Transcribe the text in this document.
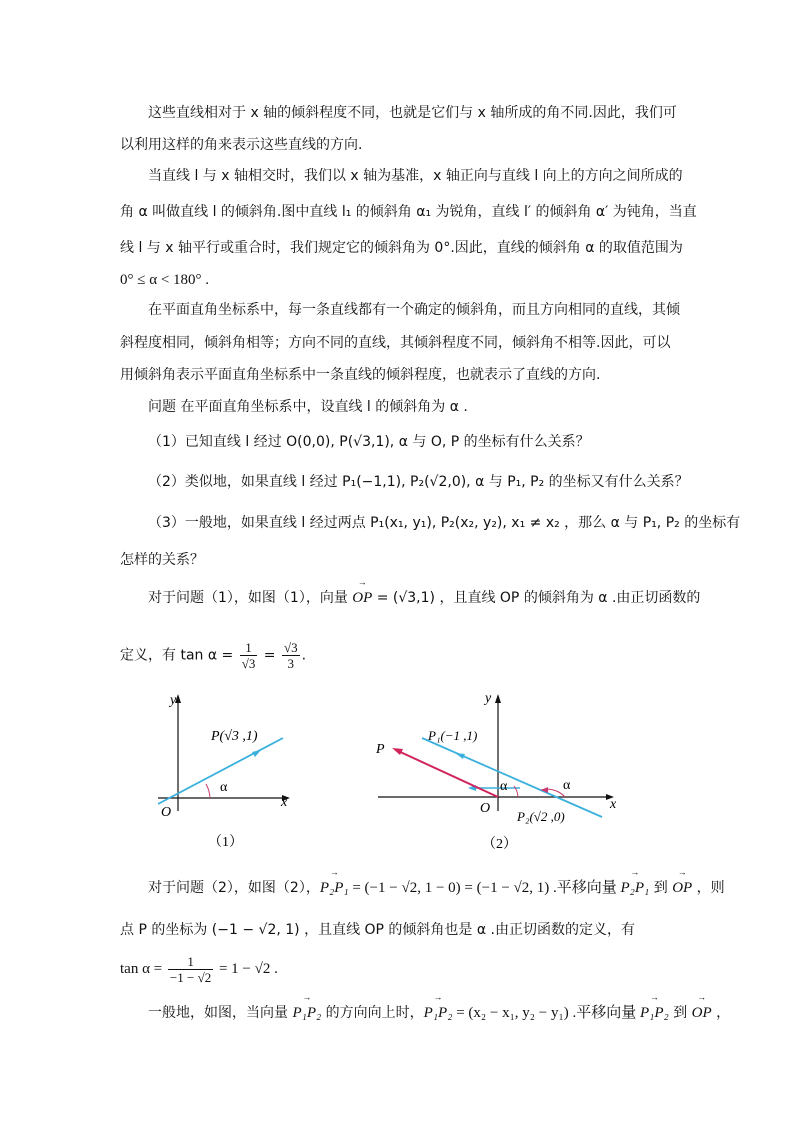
这些直线相对于 x 轴的倾斜程度不同，也就是它们与 x 轴所成的角不同.因此，我们可
以利用这样的角来表示这些直线的方向.
当直线 l 与 x 轴相交时，我们以 x 轴为基准，x 轴正向与直线 l 向上的方向之间所成的
角 α 叫做直线 l 的倾斜角.图中直线 l₁ 的倾斜角 α₁ 为锐角，直线 l′ 的倾斜角 α′ 为钝角，当直
线 l 与 x 轴平行或重合时，我们规定它的倾斜角为 0°.因此，直线的倾斜角 α 的取值范围为
0° ≤ α < 180° .
在平面直角坐标系中，每一条直线都有一个确定的倾斜角，而且方向相同的直线，其倾
斜程度相同，倾斜角相等；方向不同的直线，其倾斜程度不同，倾斜角不相等.因此，可以
用倾斜角表示平面直角坐标系中一条直线的倾斜程度，也就表示了直线的方向.
问题 在平面直角坐标系中，设直线 l 的倾斜角为 α .
（1）已知直线 l 经过 O(0,0), P(√3,1), α 与 O, P 的坐标有什么关系？
（2）类似地，如果直线 l 经过 P₁(−1,1), P₂(√2,0), α 与 P₁, P₂ 的坐标又有什么关系？
（3）一般地，如果直线 l 经过两点 P₁(x₁, y₁), P₂(x₂, y₂), x₁ ≠ x₂ ，那么 α 与 P₁, P₂ 的坐标有
怎样的关系？
对于问题（1），如图（1），向量 → OP = (√3,1) ，且直线 OP 的倾斜角为 α .由正切函数的
定义，有 $\tan \alpha = \frac{1}{√3} = \frac{√3}{3}$ .
x
y
O
α
P(√3 ,1)
（1）
x
y
O
P
P₁(−1 ,1)
P₂(√2 ,0)
α	α
（2）
对于问题（2），如图（2），→ P₂P₁ = (−1 − √2, 1 − 0) = (−1 − √2, 1) .平移向量 → P₂P₁ 到 → OP ，则
点 P 的坐标为 (−1 − √2, 1) ，且直线 OP 的倾斜角也是 α .由正切函数的定义，有
$\tan \alpha = \frac{1}{-1 - √2} = 1 - √2$ .
一般地，如图，当向量 → P₁P₂ 的方向向上时，→ P₁P₂ = (x₂ − x₁, y₂ − y₁) .平移向量 → P₁P₂ 到 → OP ，
